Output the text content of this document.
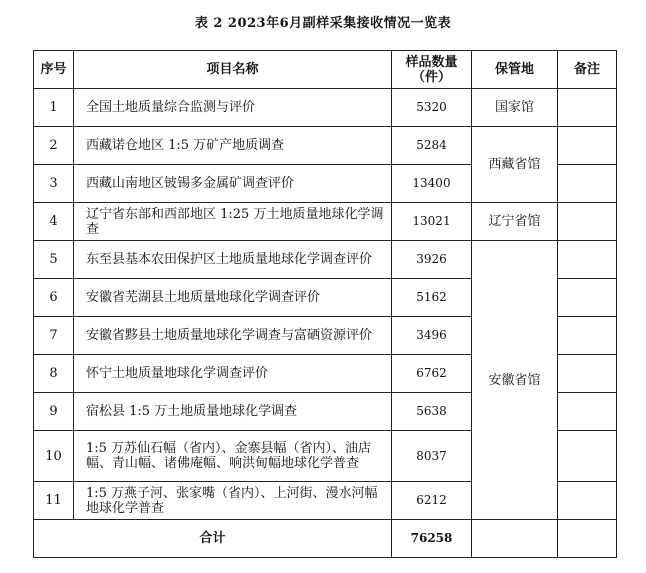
表 2 2023年6月副样采集接收情况一览表
序号	项目名称	样品数量（件）	保管地	备注
1	全国土地质量综合监测与评价	5320	国家馆	
2	西藏诺仓地区 1:5 万矿产地质调查	5284	西藏省馆	
3	西藏山南地区铍锡多金属矿调查评价	13400		
4	辽宁省东部和西部地区 1:25 万土地质量地球化学调查	13021	辽宁省馆	
5	东至县基本农田保护区土地质量地球化学调查评价	3926	安徽省馆	
6	安徽省芜湖县土地质量地球化学调查评价	5162		
7	安徽省黟县土地质量地球化学调查与富硒资源评价	3496		
8	怀宁土地质量地球化学调查评价	6762		
9	宿松县 1:5 万土地质量地球化学调查	5638		
10	1:5 万苏仙石幅（省内）、金寨县幅（省内）、油店幅、青山幅、诸佛庵幅、响洪甸幅地球化学普查	8037		
11	1:5 万燕子河、张家嘴（省内）、上河街、漫水河幅地球化学普查	6212		
合计		76258		
